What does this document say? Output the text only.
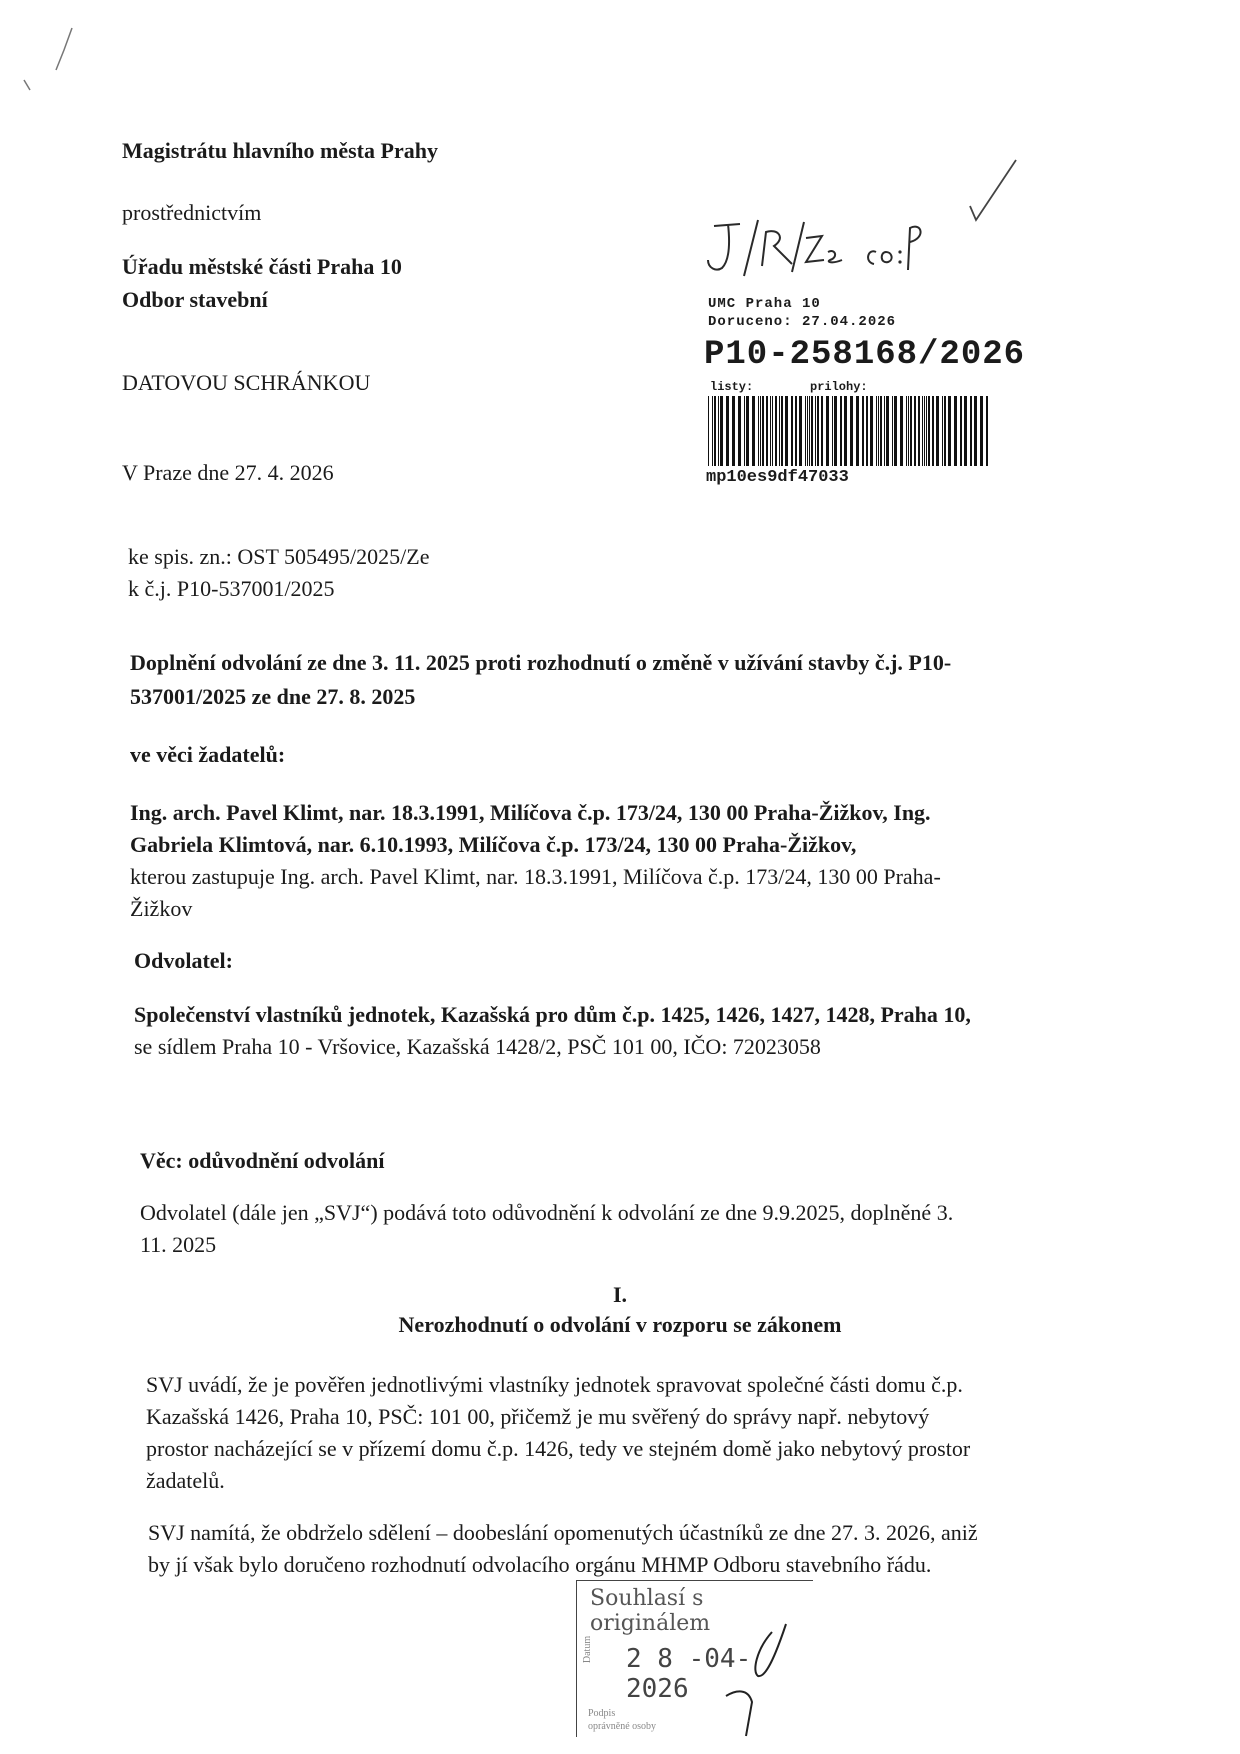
Magistrátu hlavního města Prahy
prostřednictvím
Úřadu městské části Praha 10
Odbor stavební
DATOVOU SCHRÁNKOU
V Praze dne 27. 4. 2026
ke spis. zn.: OST 505495/2025/Ze
k č.j. P10-537001/2025
UMC Praha 10
Doruceno: 27.04.2026
P10-258168/2026
listy:	prilohy:
mp10es9df47033
Doplnění odvolání ze dne 3. 11. 2025 proti rozhodnutí o změně v užívání stavby č.j. P10-
537001/2025 ze dne 27. 8. 2025
ve věci žadatelů:
Ing. arch. Pavel Klimt, nar. 18.3.1991, Milíčova č.p. 173/24, 130 00 Praha-Žižkov, Ing.
Gabriela Klimtová, nar. 6.10.1993, Milíčova č.p. 173/24, 130 00 Praha-Žižkov,
kterou zastupuje Ing. arch. Pavel Klimt, nar. 18.3.1991, Milíčova č.p. 173/24, 130 00 Praha-
Žižkov
Odvolatel:
Společenství vlastníků jednotek, Kazašská pro dům č.p. 1425, 1426, 1427, 1428, Praha 10,
se sídlem Praha 10 - Vršovice, Kazašská 1428/2, PSČ 101 00, IČO: 72023058
Věc: odůvodnění odvolání
Odvolatel (dále jen „SVJ“) podává toto odůvodnění k odvolání ze dne 9.9.2025, doplněné 3.
11. 2025
I.
Nerozhodnutí o odvolání v rozporu se zákonem
SVJ uvádí, že je pověřen jednotlivými vlastníky jednotek spravovat společné části domu č.p.
Kazašská 1426, Praha 10, PSČ: 101 00, přičemž je mu svěřený do správy např. nebytový
prostor nacházející se v přízemí domu č.p. 1426, tedy ve stejném domě jako nebytový prostor
žadatelů.
SVJ namítá, že obdrželo sdělení – doobeslání opomenutých účastníků ze dne 27. 3. 2026, aniž
by jí však bylo doručeno rozhodnutí odvolacího orgánu MHMP Odboru stavebního řádu.
Souhlasí s originálem
Datum 2 8 -04- 2026
Podpis
oprávněné osoby
